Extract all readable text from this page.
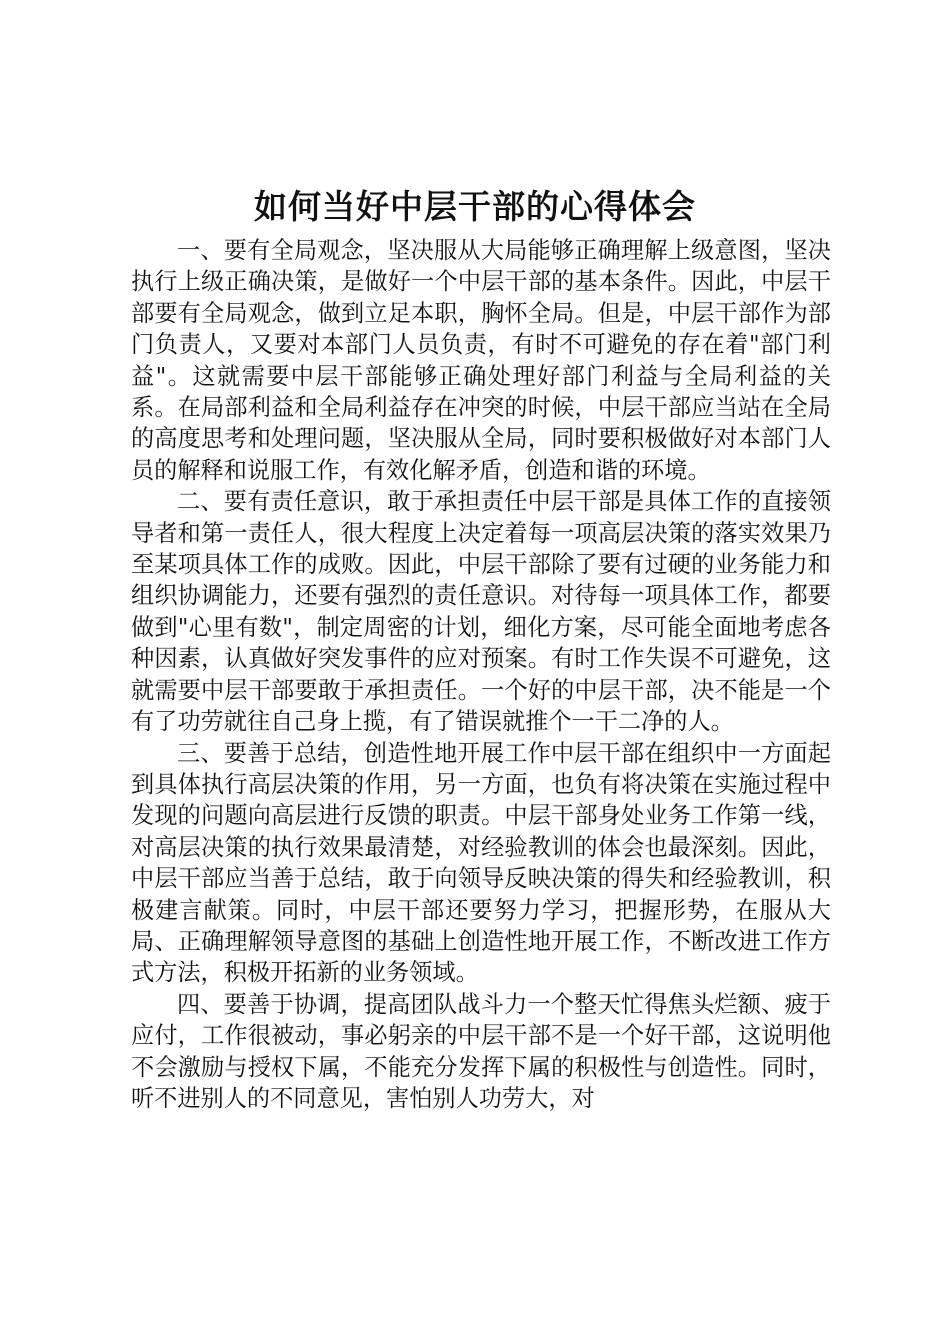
如何当好中层干部的心得体会

一、要有全局观念，坚决服从大局能够正确理解上级意图，坚决执行上级正确决策，是做好一个中层干部的基本条件。因此，中层干部要有全局观念，做到立足本职，胸怀全局。但是，中层干部作为部门负责人，又要对本部门人员负责，有时不可避免的存在着"部门利益"。这就需要中层干部能够正确处理好部门利益与全局利益的关系。在局部利益和全局利益存在冲突的时候，中层干部应当站在全局的高度思考和处理问题，坚决服从全局，同时要积极做好对本部门人员的解释和说服工作，有效化解矛盾，创造和谐的环境。

二、要有责任意识，敢于承担责任中层干部是具体工作的直接领导者和第一责任人，很大程度上决定着每一项高层决策的落实效果乃至某项具体工作的成败。因此，中层干部除了要有过硬的业务能力和组织协调能力，还要有强烈的责任意识。对待每一项具体工作，都要做到"心里有数"，制定周密的计划，细化方案，尽可能全面地考虑各种因素，认真做好突发事件的应对预案。有时工作失误不可避免，这就需要中层干部要敢于承担责任。一个好的中层干部，决不能是一个有了功劳就往自己身上揽，有了错误就推个一干二净的人。

三、要善于总结，创造性地开展工作中层干部在组织中一方面起到具体执行高层决策的作用，另一方面，也负有将决策在实施过程中发现的问题向高层进行反馈的职责。中层干部身处业务工作第一线，对高层决策的执行效果最清楚，对经验教训的体会也最深刻。因此，中层干部应当善于总结，敢于向领导反映决策的得失和经验教训，积极建言献策。同时，中层干部还要努力学习，把握形势，在服从大局、正确理解领导意图的基础上创造性地开展工作，不断改进工作方式方法，积极开拓新的业务领域。

四、要善于协调，提高团队战斗力一个整天忙得焦头烂额、疲于应付，工作很被动，事必躬亲的中层干部不是一个好干部，这说明他不会激励与授权下属，不能充分发挥下属的积极性与创造性。同时，听不进别人的不同意见，害怕别人功劳大，对
